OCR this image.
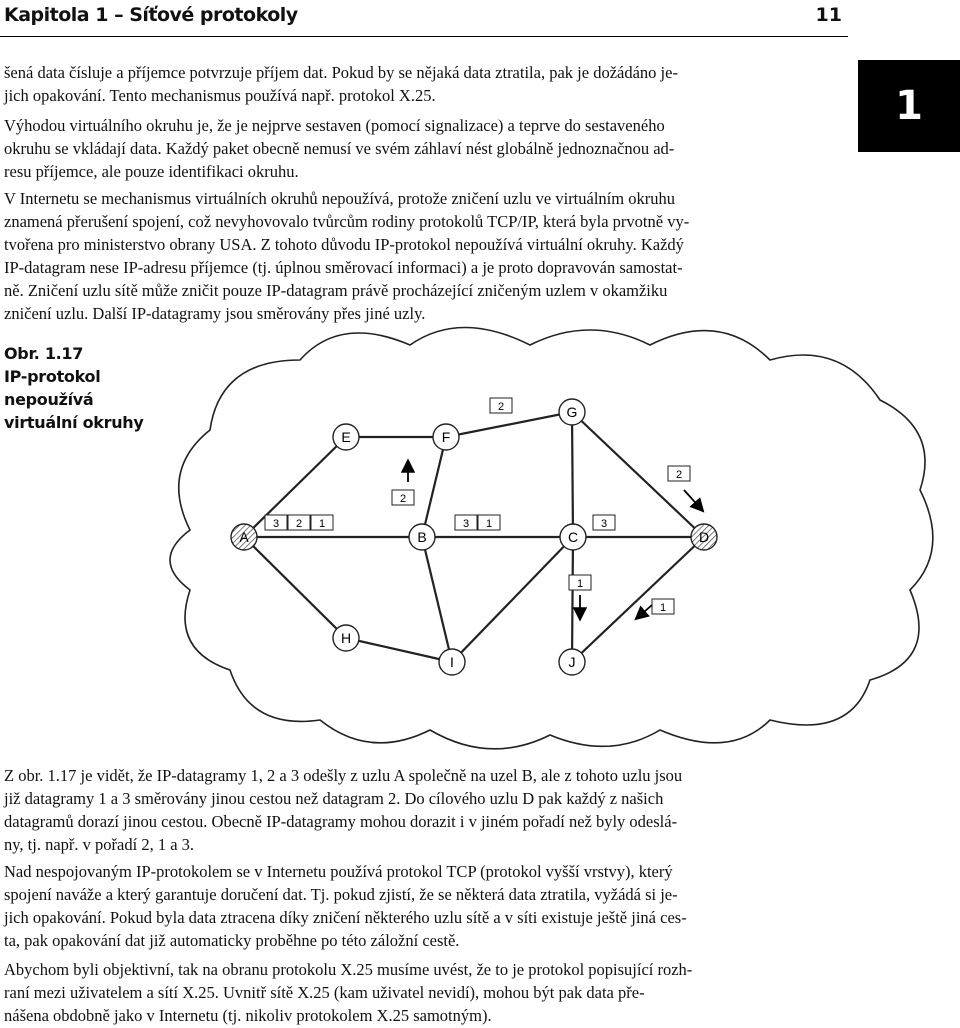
Kapitola 1 – Síťové protokoly	11
1
šená data čísluje a příjemce potvrzuje příjem dat. Pokud by se nějaká data ztratila, pak je dožádáno je-
jich opakování. Tento mechanismus používá např. protokol X.25.
Výhodou virtuálního okruhu je, že je nejprve sestaven (pomocí signalizace) a teprve do sestaveného
okruhu se vkládají data. Každý paket obecně nemusí ve svém záhlaví nést globálně jednoznačnou ad-
resu příjemce, ale pouze identifikaci okruhu.
V Internetu se mechanismus virtuálních okruhů nepoužívá, protože zničení uzlu ve virtuálním okruhu
znamená přerušení spojení, což nevyhovovalo tvůrcům rodiny protokolů TCP/IP, která byla prvotně vy-
tvořena pro ministerstvo obrany USA. Z tohoto důvodu IP-protokol nepoužívá virtuální okruhy. Každý
IP-datagram nese IP-adresu příjemce (tj. úplnou směrovací informaci) a je proto dopravován samostat-
ně. Zničení uzlu sítě může zničit pouze IP-datagram právě procházející zničeným uzlem v okamžiku
zničení uzlu. Další IP-datagramy jsou směrovány přes jiné uzly.
Obr. 1.17
IP-protokol
nepoužívá
virtuální okruhy
A	B	C	D
E	F
G
H
I	J
3 2 1	3 1	3
2
2
2
1
1
Z obr. 1.17 je vidět, že IP-datagramy 1, 2 a 3 odešly z uzlu A společně na uzel B, ale z tohoto uzlu jsou
již datagramy 1 a 3 směrovány jinou cestou než datagram 2. Do cílového uzlu D pak každý z našich
datagramů dorazí jinou cestou. Obecně IP-datagramy mohou dorazit i v jiném pořadí než byly odeslá-
ny, tj. např. v pořadí 2, 1 a 3.
Nad nespojovaným IP-protokolem se v Internetu používá protokol TCP (protokol vyšší vrstvy), který
spojení naváže a který garantuje doručení dat. Tj. pokud zjistí, že se některá data ztratila, vyžádá si je-
jich opakování. Pokud byla data ztracena díky zničení některého uzlu sítě a v síti existuje ještě jiná ces-
ta, pak opakování dat již automaticky proběhne po této záložní cestě.
Abychom byli objektivní, tak na obranu protokolu X.25 musíme uvést, že to je protokol popisující rozh-
raní mezi uživatelem a sítí X.25. Uvnitř sítě X.25 (kam uživatel nevidí), mohou být pak data pře-
nášena obdobně jako v Internetu (tj. nikoliv protokolem X.25 samotným).
